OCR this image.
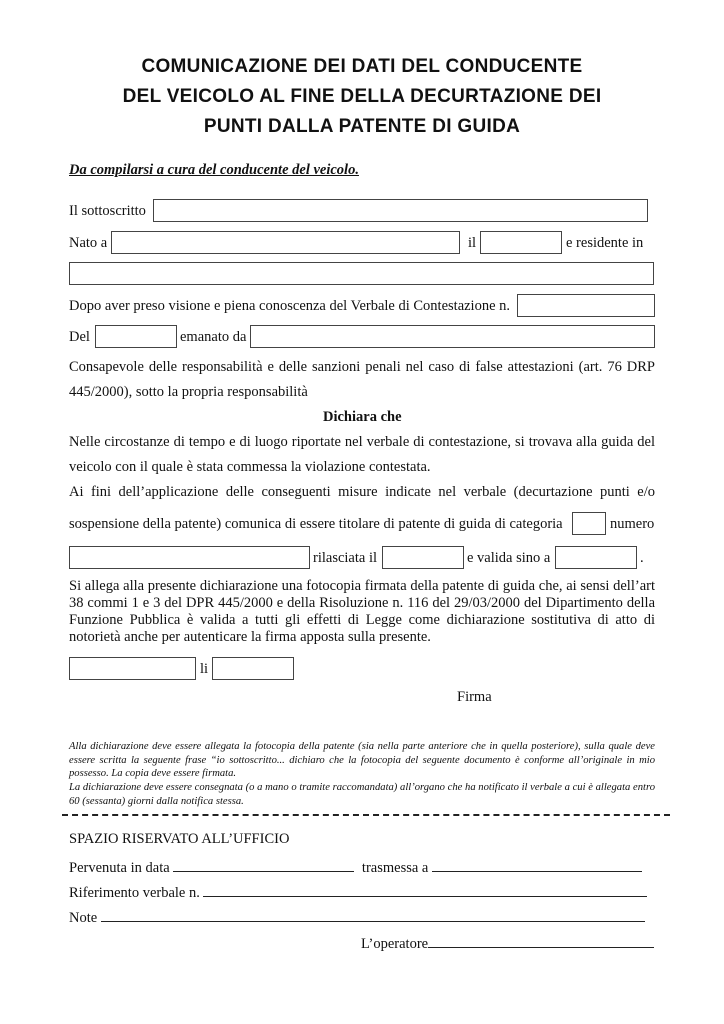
COMUNICAZIONE DEI DATI DEL CONDUCENTE
DEL VEICOLO AL FINE DELLA DECURTAZIONE DEI
PUNTI DALLA PATENTE DI GUIDA
Da compilarsi a cura del conducente del veicolo.
Il sottoscritto
Nato a	il	e residente in
Dopo aver preso visione e piena conoscenza del Verbale di Contestazione n.
Del	emanato da
Consapevole delle responsabilità e delle sanzioni penali nel caso di false attestazioni (art. 76 DRP
445/2000), sotto la propria responsabilità
Dichiara che
Nelle circostanze di tempo e di luogo riportate nel verbale di contestazione, si trovava alla guida del
veicolo con il quale è stata commessa la violazione contestata.
Ai fini dell’applicazione delle conseguenti misure indicate nel verbale (decurtazione punti e/o
sospensione della patente) comunica di essere titolare di patente di guida di categoria	numero
rilasciata il	e valida sino a	.
Si allega alla presente dichiarazione una fotocopia firmata della patente di guida che, ai sensi dell’art 38 commi 1 e 3 del DPR 445/2000 e della Risoluzione n. 116 del 29/03/2000 del Dipartimento della Funzione Pubblica è valida a tutti gli effetti di Legge come dichiarazione sostitutiva di atto di notorietà anche per autenticare la firma apposta sulla presente.
li
Firma
Alla dichiarazione deve essere allegata la fotocopia della patente (sia nella parte anteriore che in quella posteriore), sulla quale deve essere scritta la seguente frase “io sottoscritto... dichiaro che la fotocopia del seguente documento è conforme all’originale in mio possesso. La copia deve essere firmata.
La dichiarazione deve essere consegnata (o a mano o tramite raccomandata) all’organo che ha notificato il verbale a cui è allegata entro 60 (sessanta) giorni dalla notifica stessa.
SPAZIO RISERVATO ALL’UFFICIO
Pervenuta in data	trasmessa a
Riferimento verbale n.
Note
L’operatore
